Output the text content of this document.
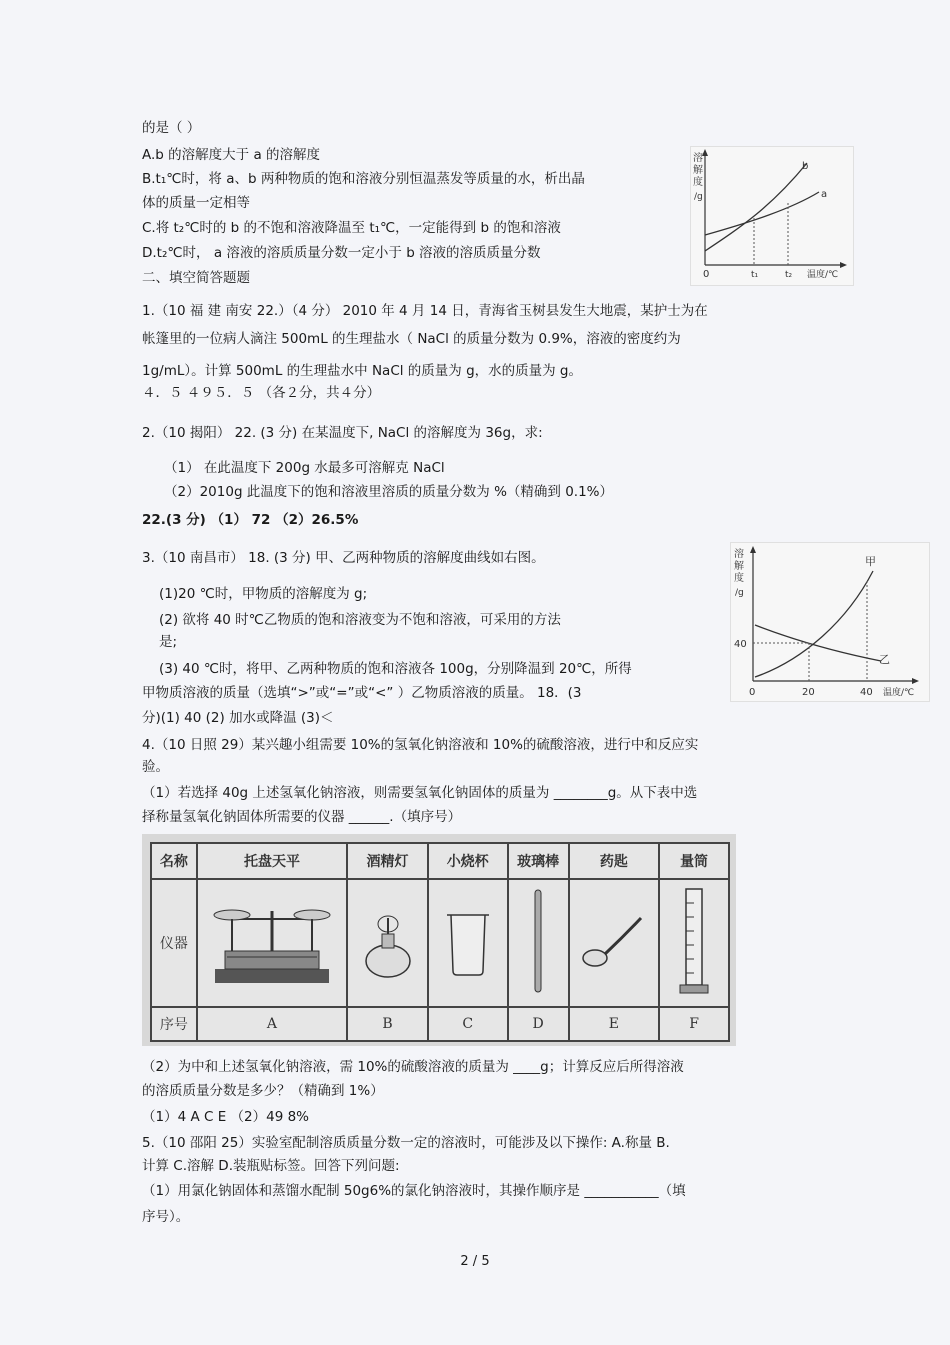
的是（ ）
A.b 的溶解度大于 a 的溶解度
B.t₁℃时，将 a、b 两种物质的饱和溶液分别恒温蒸发等质量的水，析出晶
体的质量一定相等
C.将 t₂℃时的 b 的不饱和溶液降温至 t₁℃，一定能得到 b 的饱和溶液
D.t₂℃时， a 溶液的溶质质量分数一定小于 b 溶液的溶质质量分数
二、填空简答题题
溶
解
度
/g
0	t₁	t₂ 温度/℃
a
b
1.（10 福 建 南安 22.）（4 分） 2010 年 4 月 14 日，青海省玉树县发生大地震，某护士为在
帐篷里的一位病人滴注 500mL 的生理盐水（ NaCl 的质量分数为 0.9%，溶液的密度约为
1g/mL）。计算 500mL 的生理盐水中 NaCl 的质量为 g，水的质量为 g。
４．５ ４９５．５ （各２分，共４分）
2.（10 揭阳） 22. (3 分) 在某温度下, NaCl 的溶解度为 36g，求:
（1） 在此温度下 200g 水最多可溶解克 NaCl
（2）2010g 此温度下的饱和溶液里溶质的质量分数为 %（精确到 0.1%）
22.(3 分) （1） 72 （2）26.5%
3.（10 南昌市） 18. (3 分) 甲、乙两种物质的溶解度曲线如右图。
(1)20 ℃时，甲物质的溶解度为 g;
(2) 欲将 40 时℃乙物质的饱和溶液变为不饱和溶液，可采用的方法
是;
(3) 40 ℃时，将甲、乙两种物质的饱和溶液各 100g，分别降温到 20℃，所得
甲物质溶液的质量（选填“>”或“=”或“<” ）乙物质溶液的质量。 18．(3
分)(1) 40 (2) 加水或降温 (3)＜
溶
解
度
/g
40
0	20	40 温度/℃
甲
乙
4.（10 日照 29）某兴趣小组需要 10%的氢氧化钠溶液和 10%的硫酸溶液，进行中和反应实
验。
（1）若选择 40g 上述氢氧化钠溶液，则需要氢氧化钠固体的质量为 ________g。从下表中选
择称量氢氧化钠固体所需要的仪器 ______.（填序号）
名称	托盘天平	酒精灯	小烧杯	玻璃棒	药匙	量筒
仪器						
序号	A	B	C	D	E	F
（2）为中和上述氢氧化钠溶液，需 10%的硫酸溶液的质量为 ____g；计算反应后所得溶液
的溶质质量分数是多少？（精确到 1%）
（1）4 A C E （2）49 8%
5.（10 邵阳 25）实验室配制溶质质量分数一定的溶液时，可能涉及以下操作: A.称量 B.
计算 C.溶解 D.装瓶贴标签。回答下列问题:
（1）用氯化钠固体和蒸馏水配制 50g6%的氯化钠溶液时，其操作顺序是 ___________（填
序号）。
2 / 5
